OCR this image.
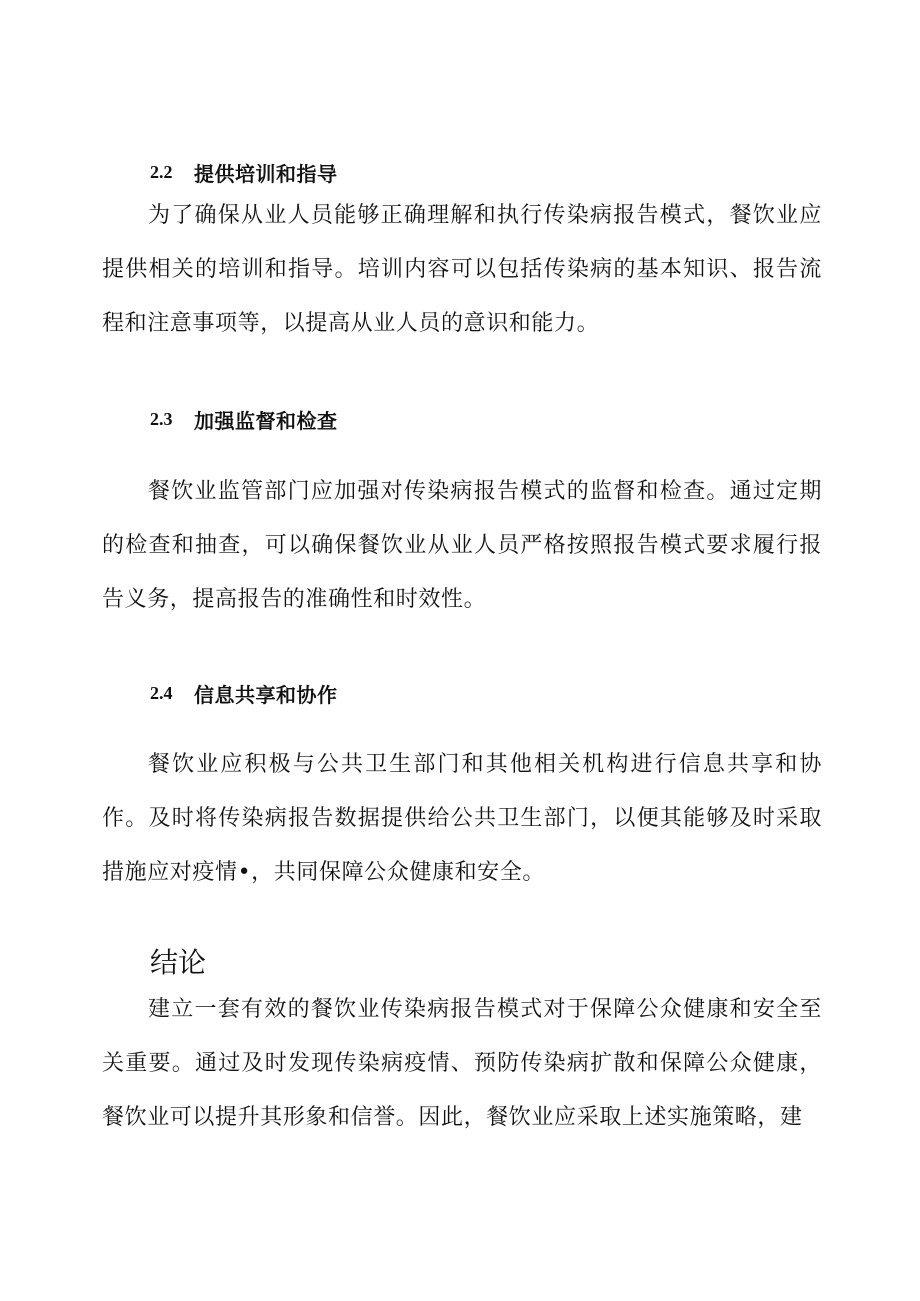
2.2	提供培训和指导

为了确保从业人员能够正确理解和执行传染病报告模式，餐饮业应提供相关的培训和指导。培训内容可以包括传染病的基本知识、报告流程和注意事项等，以提高从业人员的意识和能力。

2.3	加强监督和检查

餐饮业监管部门应加强对传染病报告模式的监督和检查。通过定期的检查和抽查，可以确保餐饮业从业人员严格按照报告模式要求履行报告义务，提高报告的准确性和时效性。

2.4	信息共享和协作

餐饮业应积极与公共卫生部门和其他相关机构进行信息共享和协作。及时将传染病报告数据提供给公共卫生部门，以便其能够及时采取措施应对疫情•，共同保障公众健康和安全。

结论

建立一套有效的餐饮业传染病报告模式对于保障公众健康和安全至关重要。通过及时发现传染病疫情、预防传染病扩散和保障公众健康，餐饮业可以提升其形象和信誉。因此，餐饮业应采取上述实施策略，建
